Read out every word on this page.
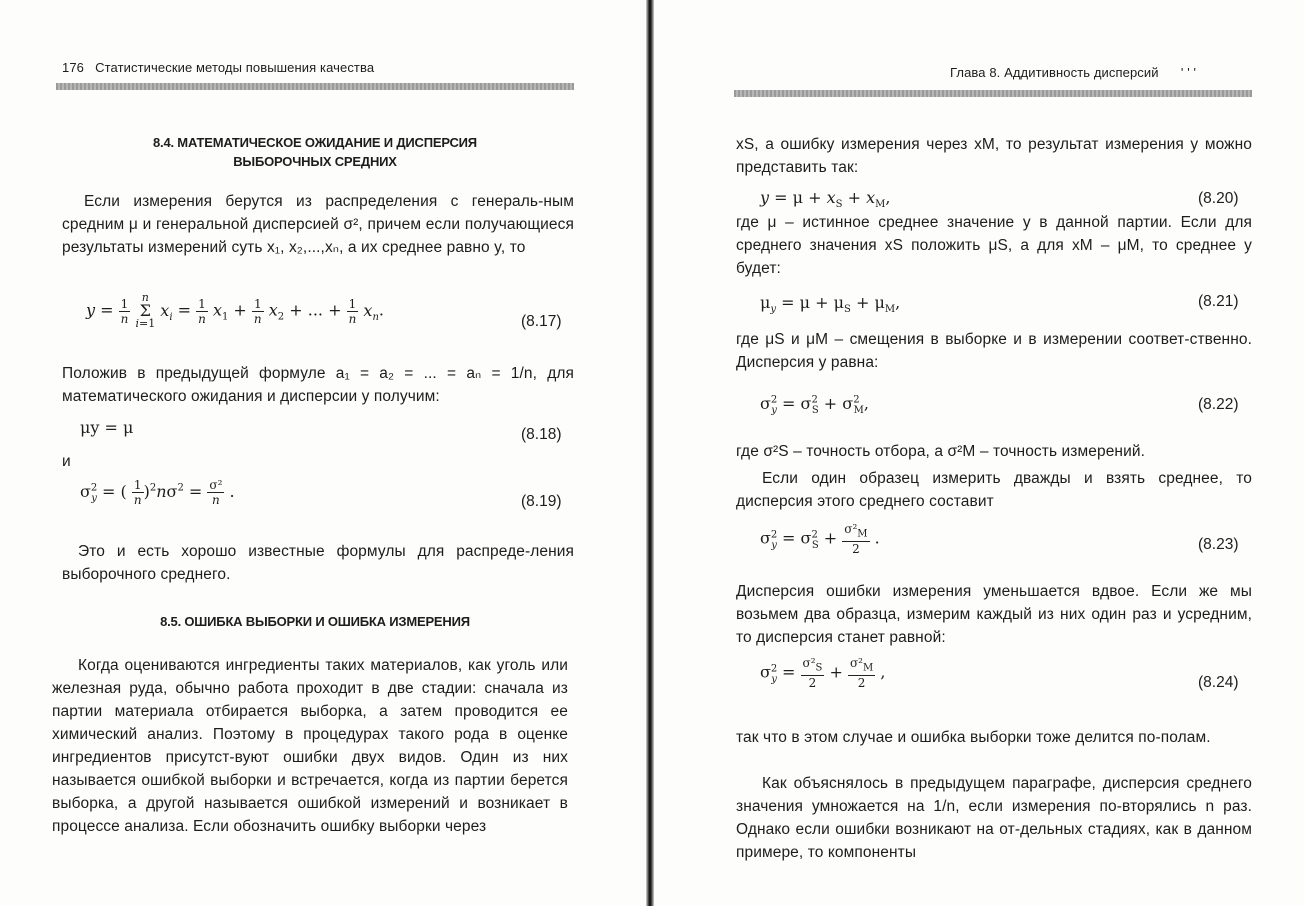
176 Статистические методы повышения качества
8.4. МАТЕМАТИЧЕСКОЕ ОЖИДАНИЕ И ДИСПЕРСИЯ
ВЫБОРОЧНЫХ СРЕДНИХ
Если измерения берутся из распределения с генераль-ным средним μ и генеральной дисперсией σ², причем если получающиеся результаты измерений суть x₁, x₂,...,xₙ, а их среднее равно y, то
$y = \frac{1}{n}$ n
Σ
i=1 $x_i = \frac{1}{n} x_1 + \frac{1}{n} x_2$ + ... + $\frac{1}{n} x_n$.
(8.17)
Положив в предыдущей формуле a₁ = a₂ = ... = aₙ = 1/n, для математического ожидания и дисперсии y получим:
μy = μ	(8.18)
и
$\sigma^2_y$ = ( $\frac{1}{n} )^2n\sigma^2 = \frac{\text{σ²}}{n}$ .
(8.19)
Это и есть хорошо известные формулы для распреде-ления выборочного среднего.
8.5. ОШИБКА ВЫБОРКИ И ОШИБКА ИЗМЕРЕНИЯ
Когда оцениваются ингредиенты таких материалов, как уголь или железная руда, обычно работа проходит в две стадии: сначала из партии материала отбирается выборка, а затем проводится ее химический анализ. Поэтому в процедурах такого рода в оценке ингредиентов присутст-вуют ошибки двух видов. Один из них называется ошибкой выборки и встречается, когда из партии берется выборка, а другой называется ошибкой измерений и возникает в процессе анализа. Если обозначить ошибку выборки через
Глава 8. Аддитивность дисперсий ' ' '
xS, а ошибку измерения через xM, то результат измерения y можно представить так:
$y = \mu + x_S + x_M$,	(8.20)
где μ – истинное среднее значение y в данной партии. Если для среднего значения xS положить μS, а для xM – μM, то среднее y будет:
$\mu_y = \mu + \mu_S + \mu_M$,	(8.21)
где μS и μM – смещения в выборке и в измерении соответ-ственно. Дисперсия y равна:
$\sigma^2_y = \sigma^2_S + \sigma^2_M$,	(8.22)
где σ²S – точность отбора, а σ²M – точность измерений.
Если один образец измерить дважды и взять среднее, то дисперсия этого среднего составит
$\sigma^2_y = \sigma^2_S + \frac{\sigma^2_M}{2}$ .	(8.23)
Дисперсия ошибки измерения уменьшается вдвое. Если же мы возьмем два образца, измерим каждый из них один раз и усредним, то дисперсия станет равной:
$\sigma^2_y = \frac{\sigma^2_S}{2} + \frac{\sigma^2_M}{2}$ ,
(8.24)
так что в этом случае и ошибка выборки тоже делится по-полам.
Как объяснялось в предыдущем параграфе, дисперсия среднего значения умножается на 1/n, если измерения по-вторялись n раз. Однако если ошибки возникают на от-дельных стадиях, как в данном примере, то компоненты
